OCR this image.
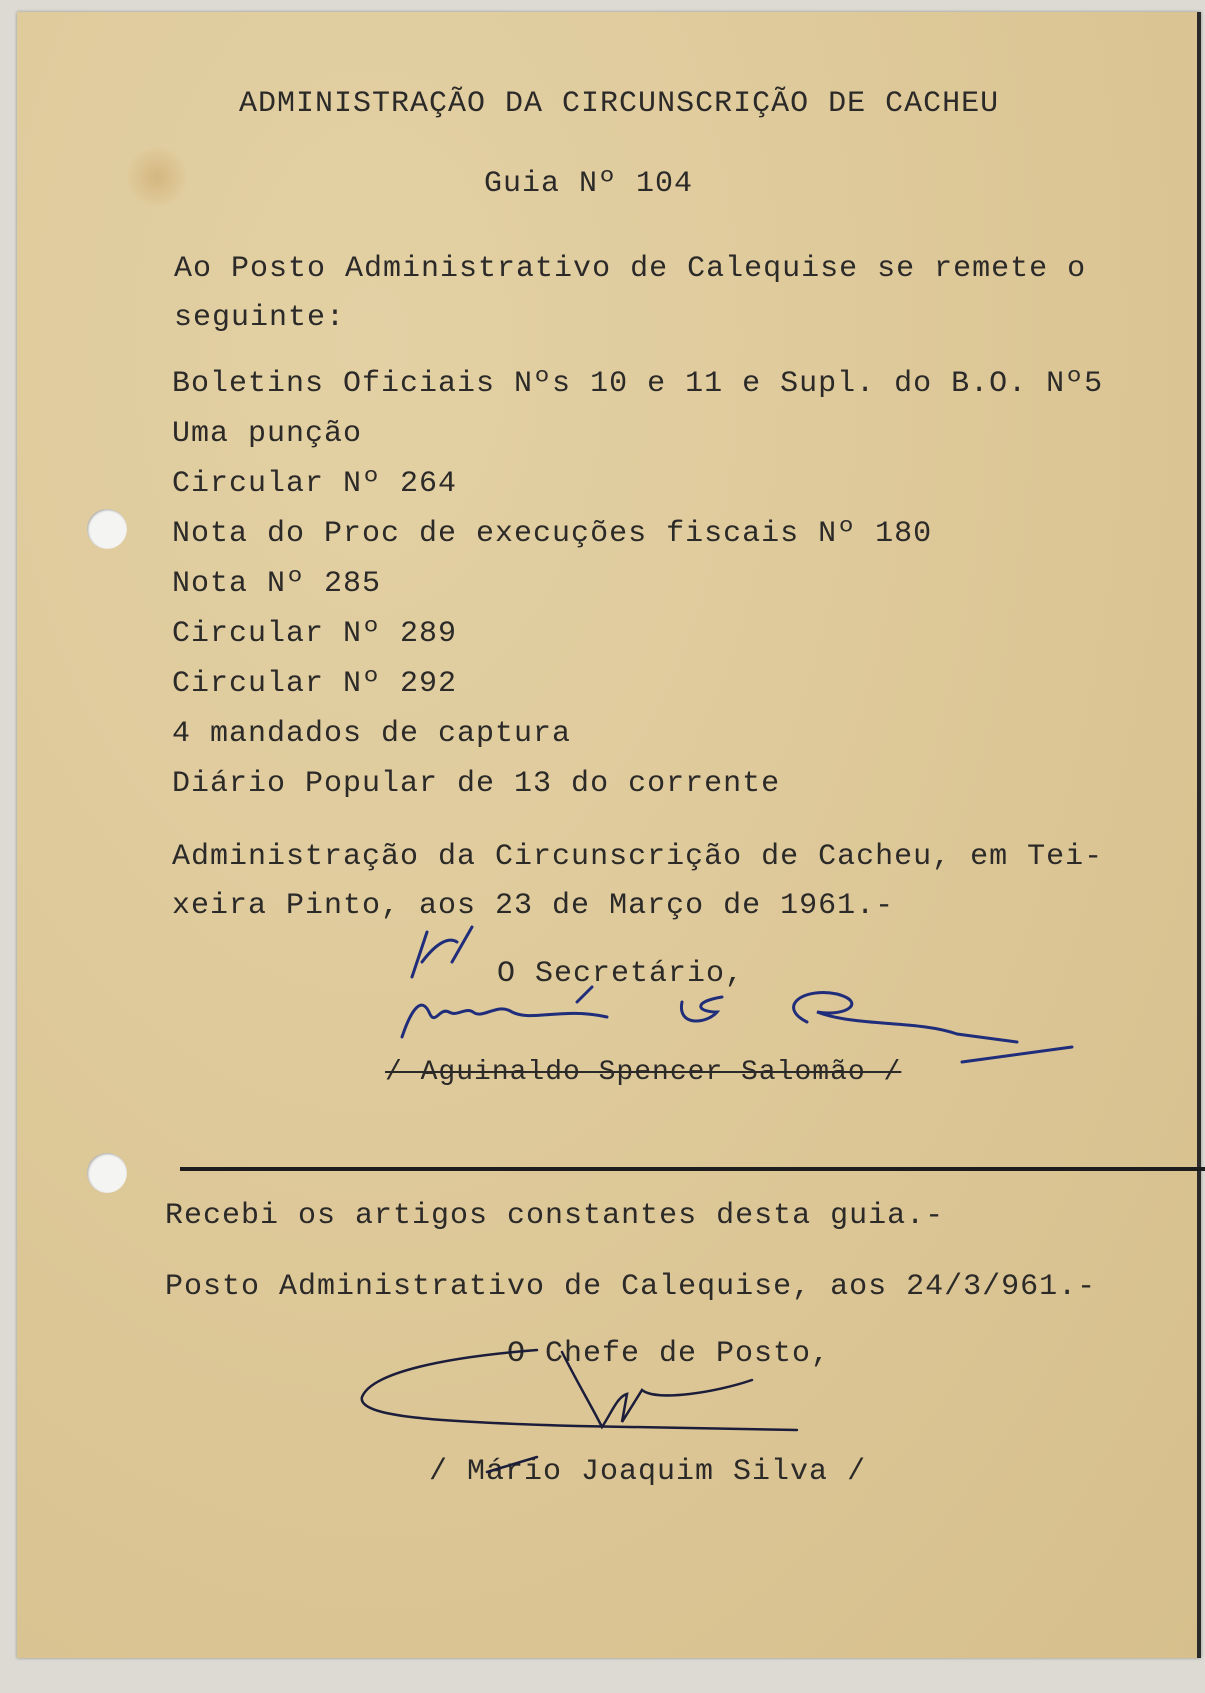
ADMINISTRAÇÃO DA CIRCUNSCRIÇÃO DE CACHEU
Guia Nº 104
Ao Posto Administrativo de Calequise se remete o
seguinte:
Boletins Oficiais Nºs 10 e 11 e Supl. do B.O. Nº5
Uma punção
Circular Nº 264
Nota do Proc de execuções fiscais Nº 180
Nota Nº 285
Circular Nº 289
Circular Nº 292
4 mandados de captura
Diário Popular de 13 do corrente
Administração da Circunscrição de Cacheu, em Tei-
xeira Pinto, aos 23 de Março de 1961.-
O Secretário,
/ Aguinaldo Spencer Salomão /
Recebi os artigos constantes desta guia.-
Posto Administrativo de Calequise, aos 24/3/961.-
O Chefe de Posto,
/ Mário Joaquim Silva /
